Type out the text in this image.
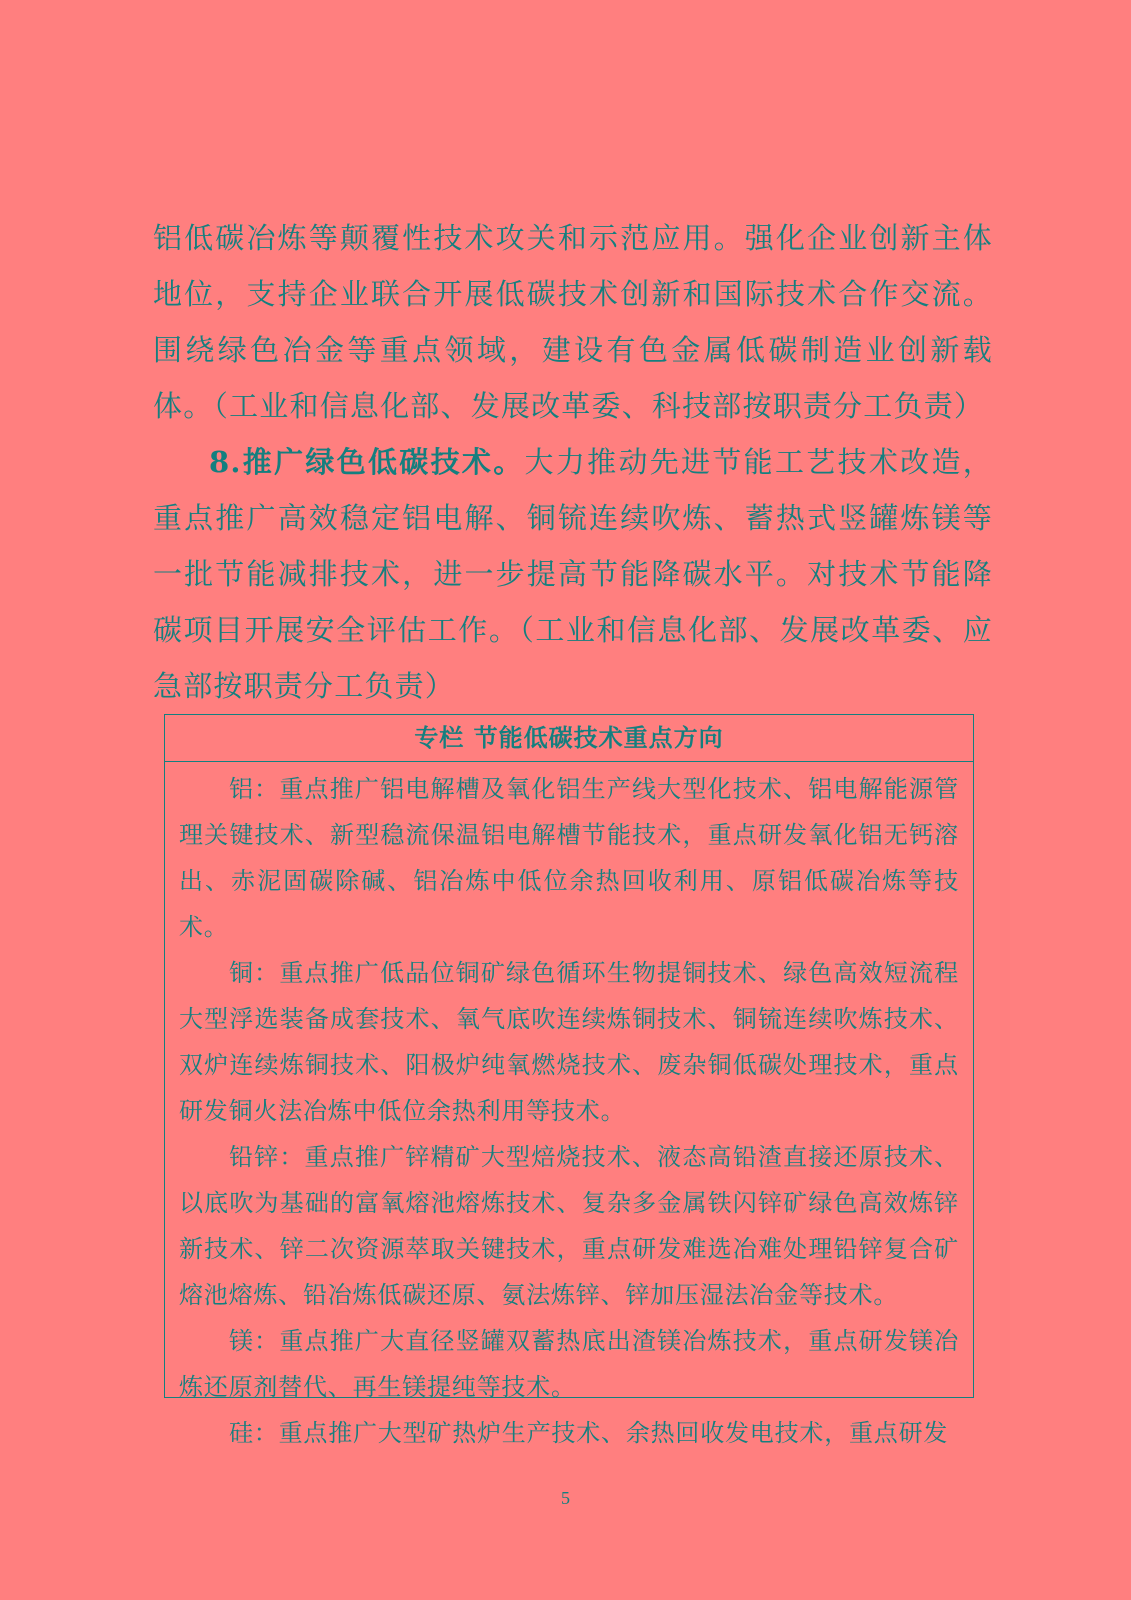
铝低碳冶炼等颠覆性技术攻关和示范应用。强化企业创新主体地位，支持企业联合开展低碳技术创新和国际技术合作交流。围绕绿色冶金等重点领域，建设有色金属低碳制造业创新载体。（工业和信息化部、发展改革委、科技部按职责分工负责）

8.推广绿色低碳技术。大力推动先进节能工艺技术改造，重点推广高效稳定铝电解、铜锍连续吹炼、蓄热式竖罐炼镁等一批节能减排技术，进一步提高节能降碳水平。对技术节能降碳项目开展安全评估工作。（工业和信息化部、发展改革委、应急部按职责分工负责）

专栏 节能低碳技术重点方向

铝：重点推广铝电解槽及氧化铝生产线大型化技术、铝电解能源管理关键技术、新型稳流保温铝电解槽节能技术，重点研发氧化铝无钙溶出、赤泥固碳除碱、铝冶炼中低位余热回收利用、原铝低碳冶炼等技术。

铜：重点推广低品位铜矿绿色循环生物提铜技术、绿色高效短流程大型浮选装备成套技术、氧气底吹连续炼铜技术、铜锍连续吹炼技术、双炉连续炼铜技术、阳极炉纯氧燃烧技术、废杂铜低碳处理技术，重点研发铜火法冶炼中低位余热利用等技术。

铅锌：重点推广锌精矿大型焙烧技术、液态高铅渣直接还原技术、以底吹为基础的富氧熔池熔炼技术、复杂多金属铁闪锌矿绿色高效炼锌新技术、锌二次资源萃取关键技术，重点研发难选冶难处理铅锌复合矿熔池熔炼、铅冶炼低碳还原、氨法炼锌、锌加压湿法冶金等技术。

镁：重点推广大直径竖罐双蓄热底出渣镁冶炼技术，重点研发镁冶炼还原剂替代、再生镁提纯等技术。

硅：重点推广大型矿热炉生产技术、余热回收发电技术，重点研发

5
